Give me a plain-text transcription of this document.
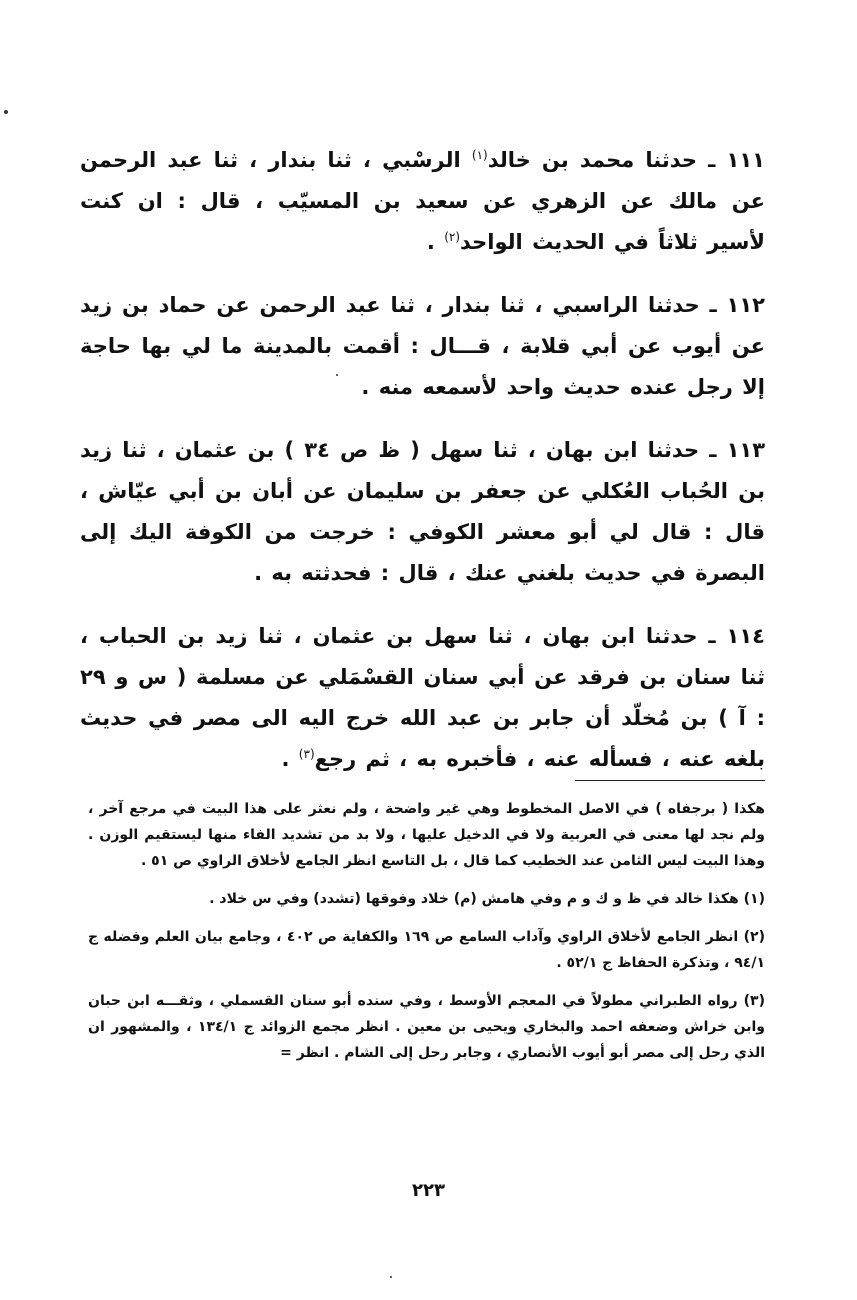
١١١ ـ حدثنا محمد بن خالد$^{(١)}$ الرسْبي ، ثنا بندار ، ثنا عبد الرحمن عن مالك عن الزهري عن سعيد بن المسيّب ، قال : ان كنت لأسير ثلاثاً في الحديث الواحد$^{(٢)}$ .

١١٢ ـ حدثنا الراسبي ، ثنا بندار ، ثنا عبد الرحمن عن حماد بن زيد عن أيوب عن أبي قلابة ، قـــال : أقمت بالمدينة ما لي بها حاجة إلا رجل عنده حديث واحد لأسمعه منه .

١١٣ ـ حدثنا ابن بهان ، ثنا سهل ( ظ ص ٣٤ ) بن عثمان ، ثنا زيد بن الحُباب العُكلي عن جعفر بن سليمان عن أبان بن أبي عيّاش ، قال : قال لي أبو معشر الكوفي : خرجت من الكوفة اليك إلى البصرة في حديث بلغني عنك ، قال : فحدثته به .

١١٤ ـ حدثنا ابن بهان ، ثنا سهل بن عثمان ، ثنا زيد بن الحباب ، ثنا سنان بن فرقد عن أبي سنان القسْمَلي عن مسلمة ( س و ٢٩ : آ ) بن مُخلّد أن جابر بن عبد الله خرج اليه الى مصر في حديث بلغه عنه ، فسأله عنه ، فأخبره به ، ثم رجع$^{(٣)}$ .

هكذا ( برجفاه ) في الاصل المخطوط وهي غير واضحة ، ولم نعثر على هذا البيت في مرجع آخر ، ولم نجد لها معنى في العربية ولا في الدخيل عليها ، ولا بد من تشديد الفاء منها ليستقيم الوزن . وهذا البيت ليس الثامن عند الخطيب كما قال ، بل التاسع انظر الجامع لأخلاق الراوي ص ٥١ .

(١) هكذا خالد في ظ و ك و م وفي هامش (م) خلاد وفوقها (تشدد) وفي س خلاد .

(٢) انظر الجامع لأخلاق الراوي وآداب السامع ص ١٦٩ والكفاية ص ٤٠٢ ، وجامع بيان العلم وفضله ج ٩٤/١ ، وتذكرة الحفاظ ج ٥٢/١ .

(٣) رواه الطبراني مطولاً في المعجم الأوسط ، وفي سنده أبو سنان القسملي ، وثقـــه ابن حبان وابن خراش وضعفه احمد والبخاري ويحيى بن معين . انظر مجمع الزوائد ج ١٣٤/١ ، والمشهور ان الذي رحل إلى مصر أبو أيوب الأنصاري ، وجابر رحل إلى الشام . انظر =

٢٢٣
